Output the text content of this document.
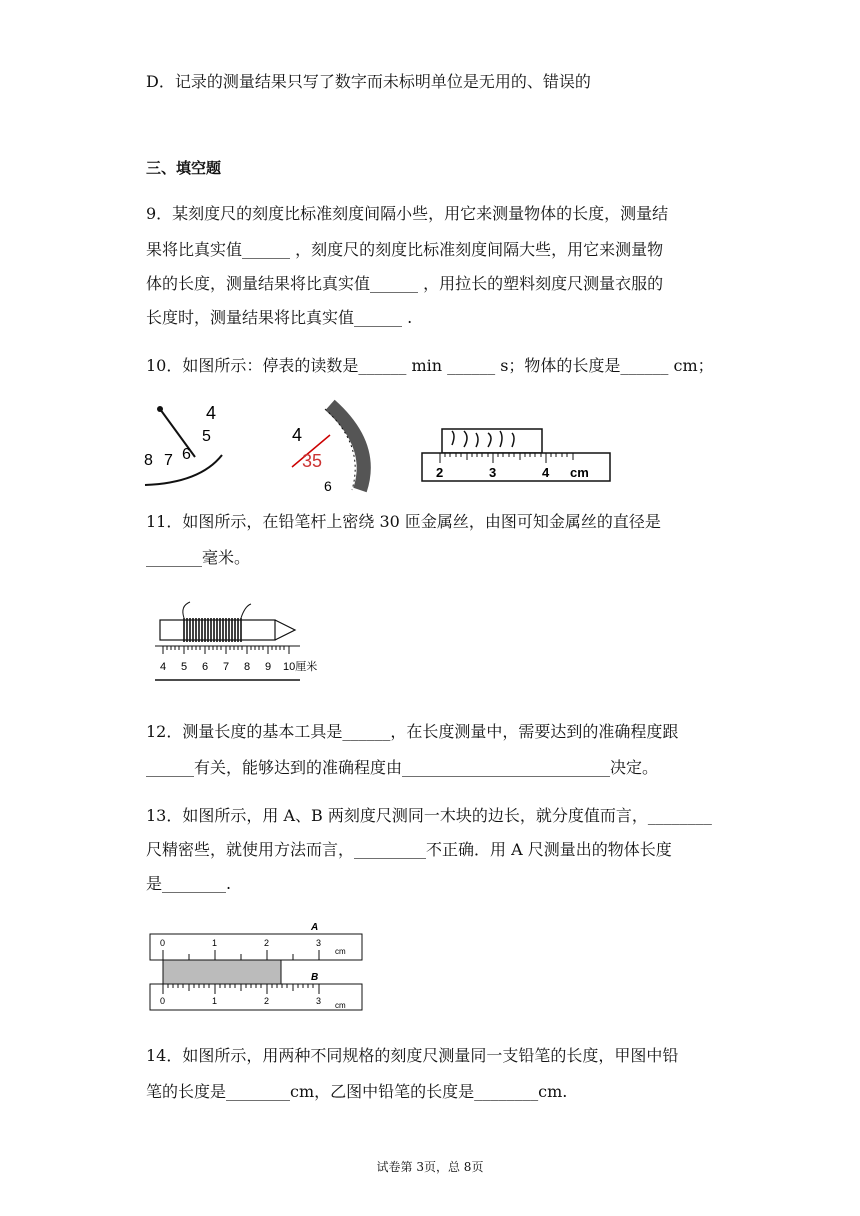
D．记录的测量结果只写了数字而未标明单位是无用的、错误的
三、填空题
9．某刻度尺的刻度比标准刻度间隔小些，用它来测量物体的长度，测量结
果将比真实值______ ，刻度尺的刻度比标准刻度间隔大些，用它来测量物
体的长度，测量结果将比真实值______ ，用拉长的塑料刻度尺测量衣服的
长度时，测量结果将比真实值______ .
10．如图所示：停表的读数是______ min ______ s；物体的长度是______ cm；
4
5
6
7
8
4
35
6
2	3	4 cm
11．如图所示，在铅笔杆上密绕 30 匝金属丝，由图可知金属丝的直径是
_______毫米。
4 5 6 7 8 9 10厘米
12．测量长度的基本工具是______，在长度测量中，需要达到的准确程度跟
______有关，能够达到的准确程度由__________________________决定。
13．如图所示，用 A、B 两刻度尺测同一木块的边长，就分度值而言，________
尺精密些，就使用方法而言，_________不正确．用 A 尺测量出的物体长度
是________.
A
0	1	2	3
cm
B
0	1	2	3 cm
14．如图所示，用两种不同规格的刻度尺测量同一支铅笔的长度，甲图中铅
笔的长度是________cm，乙图中铅笔的长度是________cm.
试卷第 3页，总 8页
